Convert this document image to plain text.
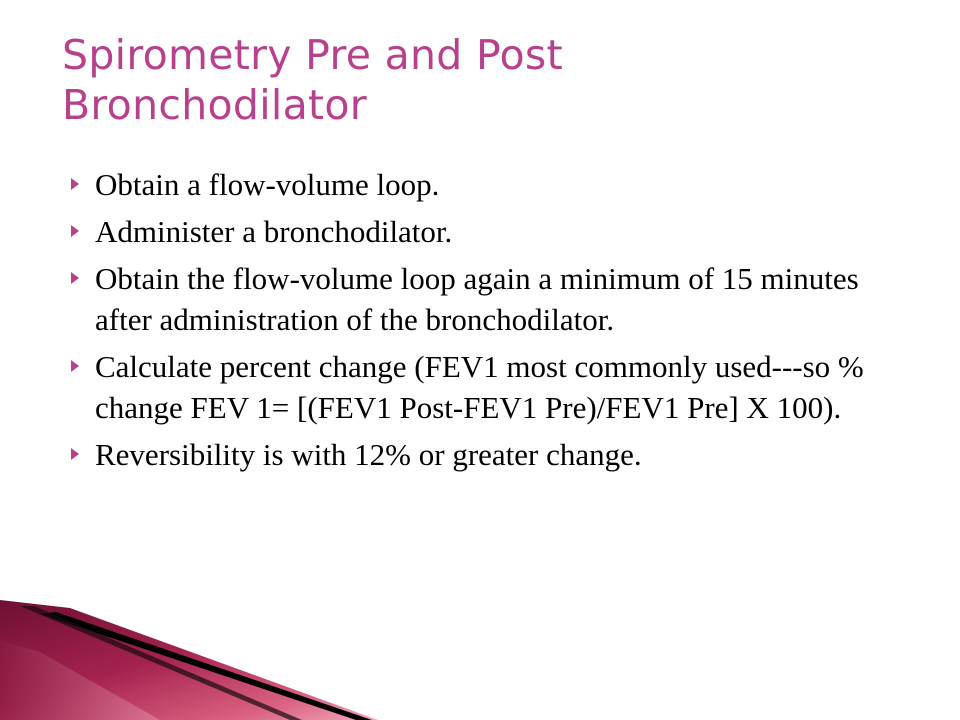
Spirometry Pre and Post
Bronchodilator
Obtain a flow-volume loop.
Administer a bronchodilator.
Obtain the flow-volume loop again a minimum of 15 minutes after administration of the bronchodilator.
Calculate percent change (FEV1 most commonly used---so % change FEV 1= [(FEV1 Post-FEV1 Pre)/FEV1 Pre] X 100).
Reversibility is with 12% or greater change.
